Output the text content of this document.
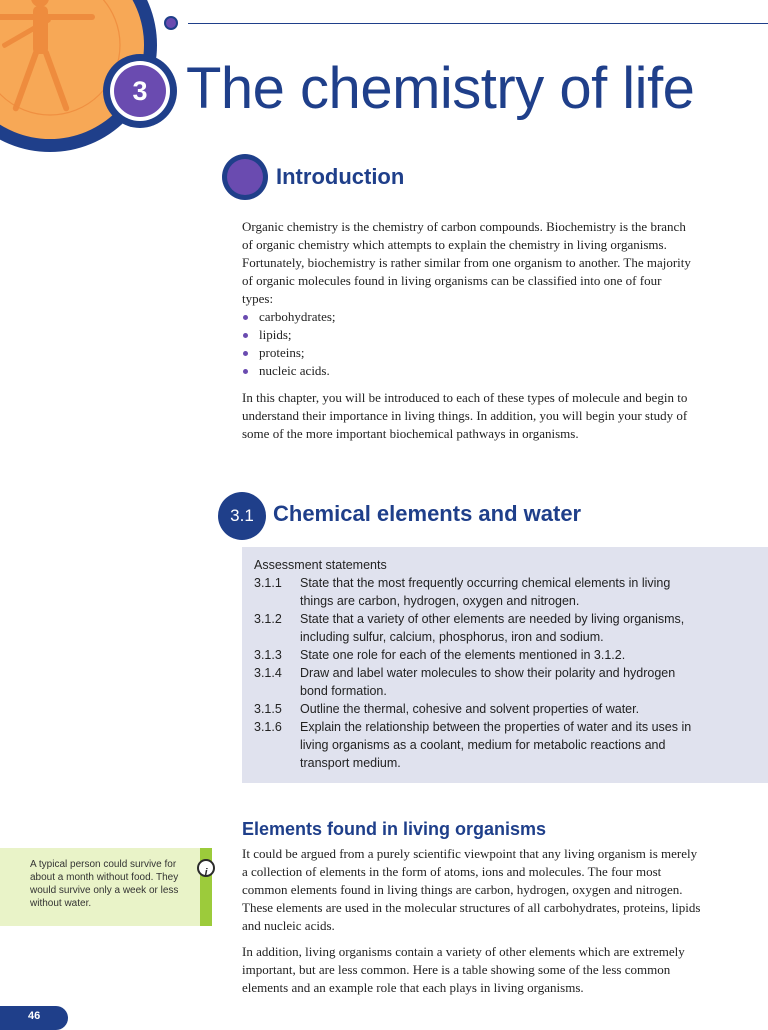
3 The chemistry of life
Introduction
Organic chemistry is the chemistry of carbon compounds. Biochemistry is the branch of organic chemistry which attempts to explain the chemistry in living organisms. Fortunately, biochemistry is rather similar from one organism to another. The majority of organic molecules found in living organisms can be classified into one of four types:
carbohydrates;
lipids;
proteins;
nucleic acids.
In this chapter, you will be introduced to each of these types of molecule and begin to understand their importance in living things. In addition, you will begin your study of some of the more important biochemical pathways in organisms.
3.1 Chemical elements and water
Assessment statements
3.1.1	State that the most frequently occurring chemical elements in living things are carbon, hydrogen, oxygen and nitrogen.
3.1.2	State that a variety of other elements are needed by living organisms, including sulfur, calcium, phosphorus, iron and sodium.
3.1.3	State one role for each of the elements mentioned in 3.1.2.
3.1.4	Draw and label water molecules to show their polarity and hydrogen bond formation.
3.1.5	Outline the thermal, cohesive and solvent properties of water.
3.1.6	Explain the relationship between the properties of water and its uses in living organisms as a coolant, medium for metabolic reactions and transport medium.
Elements found in living organisms
It could be argued from a purely scientific viewpoint that any living organism is merely a collection of elements in the form of atoms, ions and molecules. The four most common elements found in living things are carbon, hydrogen, oxygen and nitrogen. These elements are used in the molecular structures of all carbohydrates, proteins, lipids and nucleic acids.
In addition, living organisms contain a variety of other elements which are extremely important, but are less common. Here is a table showing some of the less common elements and an example role that each plays in living organisms.
A typical person could survive for about a month without food. They would survive only a week or less without water.
i
46
